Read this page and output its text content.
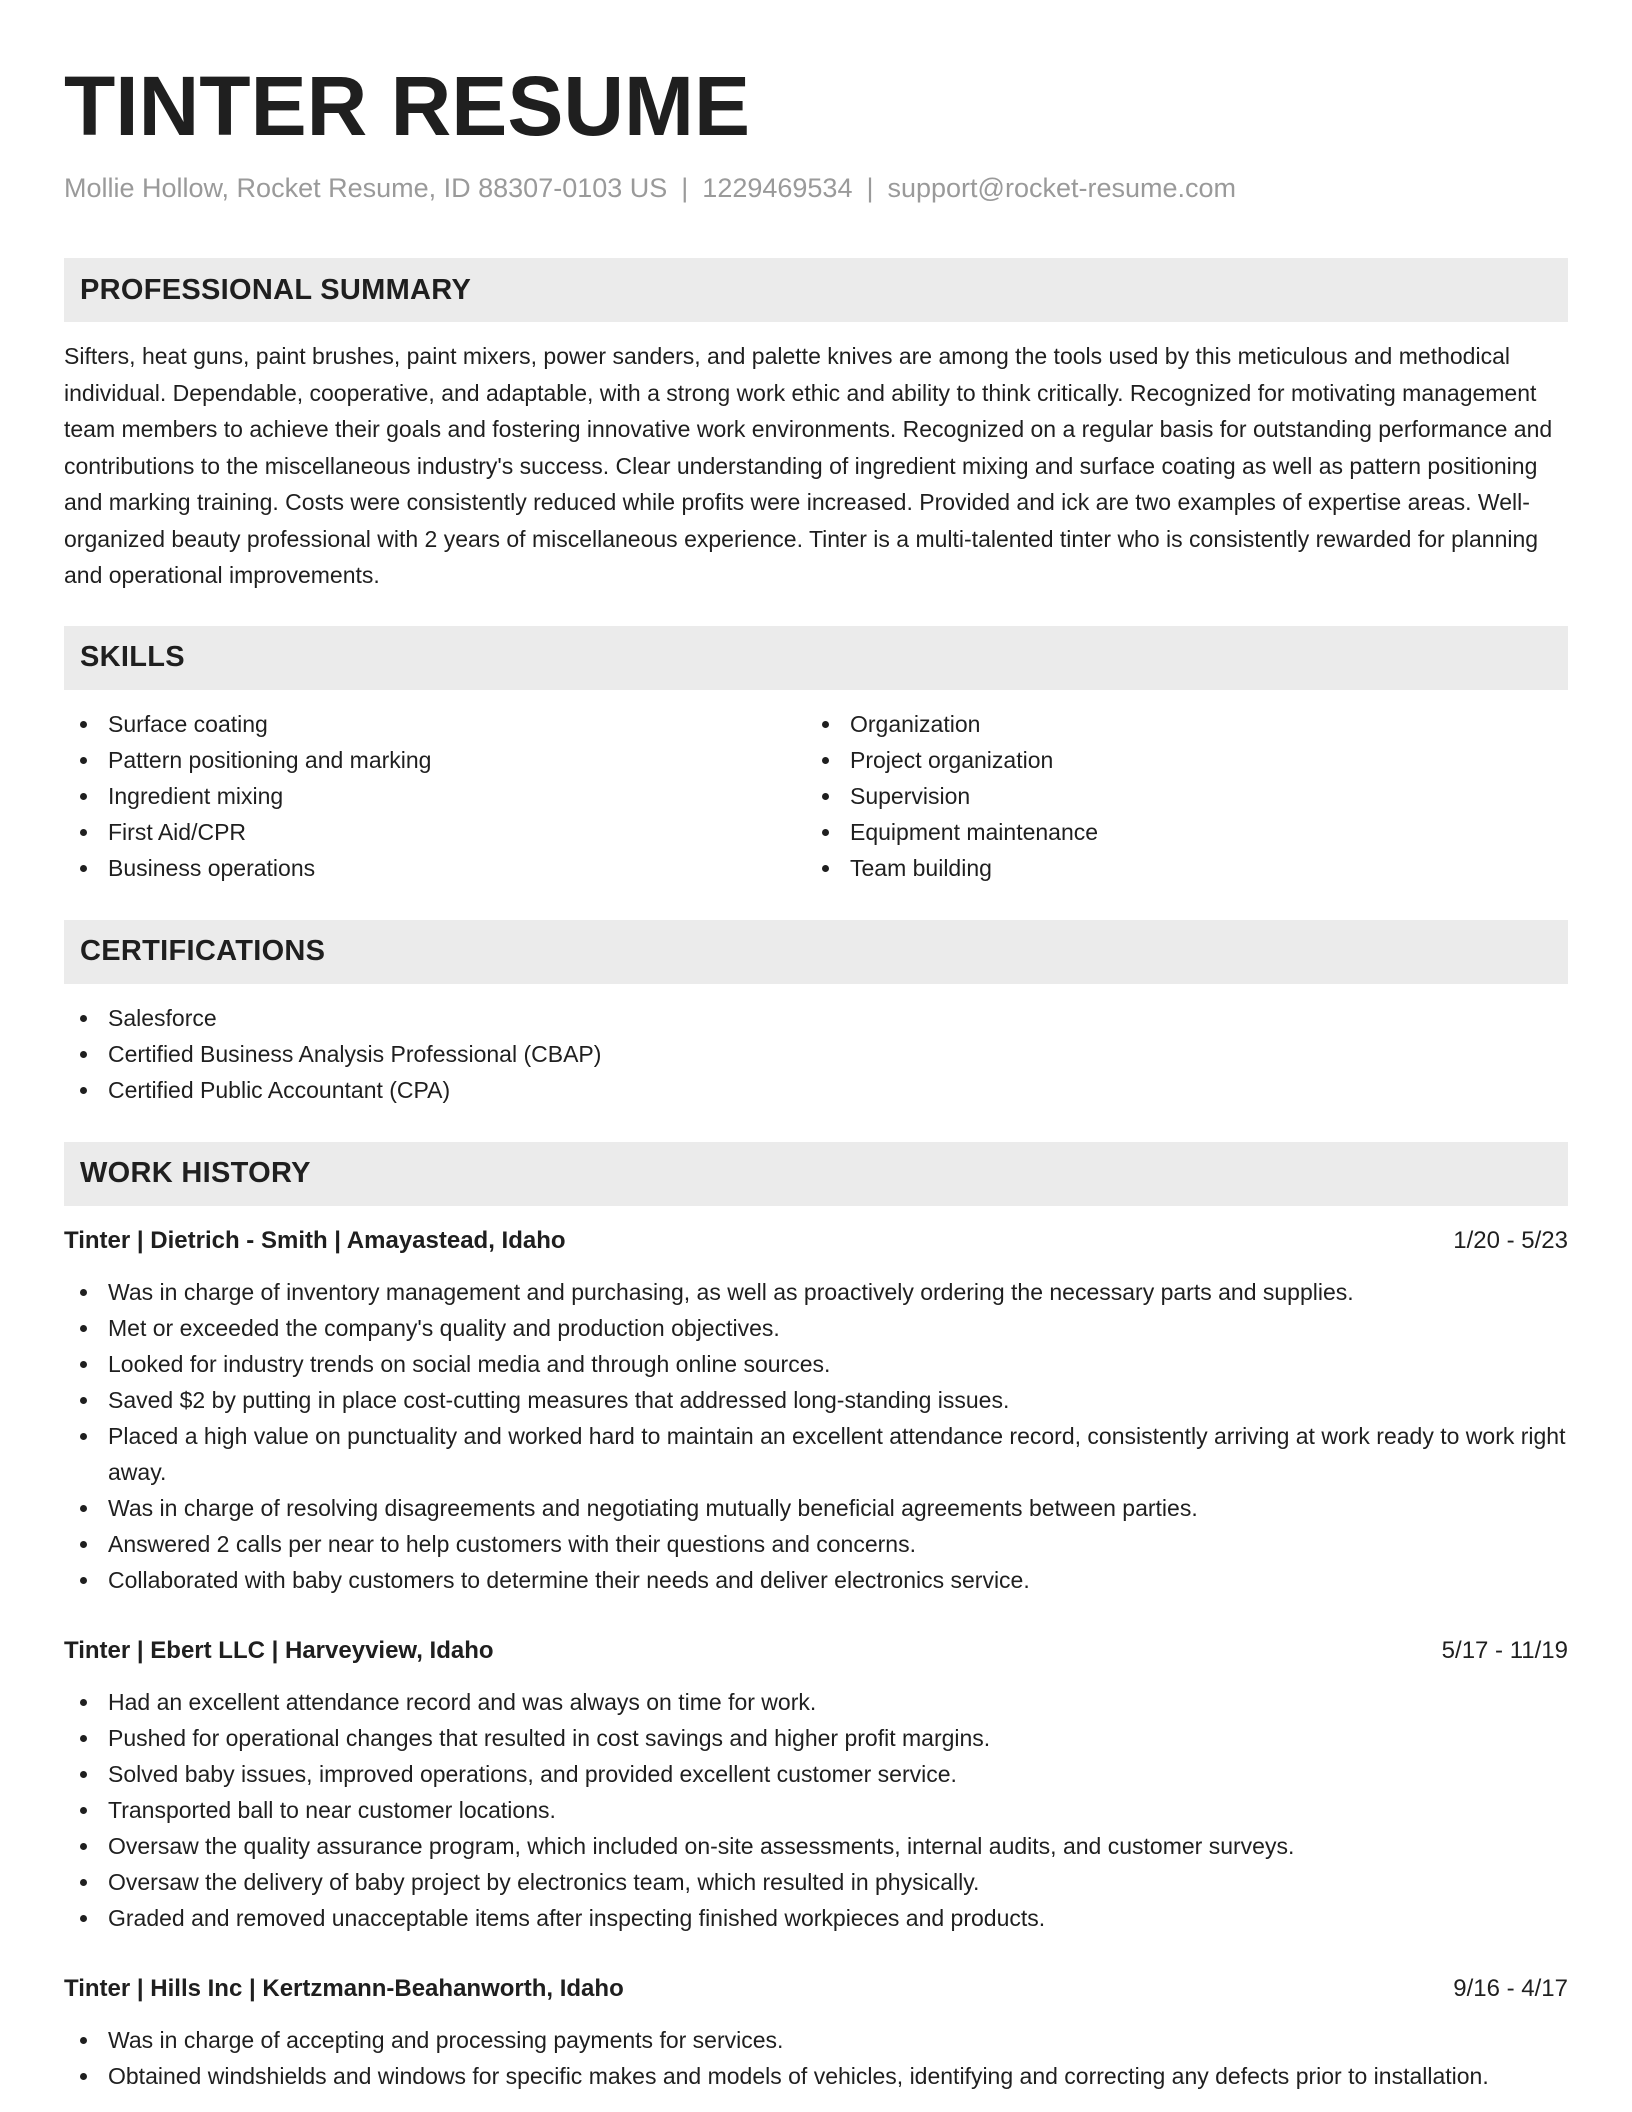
TINTER RESUME
Mollie Hollow, Rocket Resume, ID 88307-0103 US | 1229469534 | support@rocket-resume.com
PROFESSIONAL SUMMARY

Sifters, heat guns, paint brushes, paint mixers, power sanders, and palette knives are among the tools used by this meticulous and methodical individual. Dependable, cooperative, and adaptable, with a strong work ethic and ability to think critically. Recognized for motivating management team members to achieve their goals and fostering innovative work environments. Recognized on a regular basis for outstanding performance and contributions to the miscellaneous industry's success. Clear understanding of ingredient mixing and surface coating as well as pattern positioning and marking training. Costs were consistently reduced while profits were increased. Provided and ick are two examples of expertise areas. Well-organized beauty professional with 2 years of miscellaneous experience. Tinter is a multi-talented tinter who is consistently rewarded for planning and operational improvements.

SKILLS
Surface coating
Pattern positioning and marking
Ingredient mixing
First Aid/CPR
Business operations
Organization
Project organization
Supervision
Equipment maintenance
Team building
CERTIFICATIONS
Salesforce
Certified Business Analysis Professional (CBAP)
Certified Public Accountant (CPA)
WORK HISTORY
Tinter | Dietrich - Smith | Amayastead, Idaho	1/20 - 5/23
Was in charge of inventory management and purchasing, as well as proactively ordering the necessary parts and supplies.
Met or exceeded the company's quality and production objectives.
Looked for industry trends on social media and through online sources.
Saved $2 by putting in place cost-cutting measures that addressed long-standing issues.
Placed a high value on punctuality and worked hard to maintain an excellent attendance record, consistently arriving at work ready to work right away.
Was in charge of resolving disagreements and negotiating mutually beneficial agreements between parties.
Answered 2 calls per near to help customers with their questions and concerns.
Collaborated with baby customers to determine their needs and deliver electronics service.
Tinter | Ebert LLC | Harveyview, Idaho	5/17 - 11/19
Had an excellent attendance record and was always on time for work.
Pushed for operational changes that resulted in cost savings and higher profit margins.
Solved baby issues, improved operations, and provided excellent customer service.
Transported ball to near customer locations.
Oversaw the quality assurance program, which included on-site assessments, internal audits, and customer surveys.
Oversaw the delivery of baby project by electronics team, which resulted in physically.
Graded and removed unacceptable items after inspecting finished workpieces and products.
Tinter | Hills Inc | Kertzmann-Beahanworth, Idaho	9/16 - 4/17
Was in charge of accepting and processing payments for services.
Obtained windshields and windows for specific makes and models of vehicles, identifying and correcting any defects prior to installation.
